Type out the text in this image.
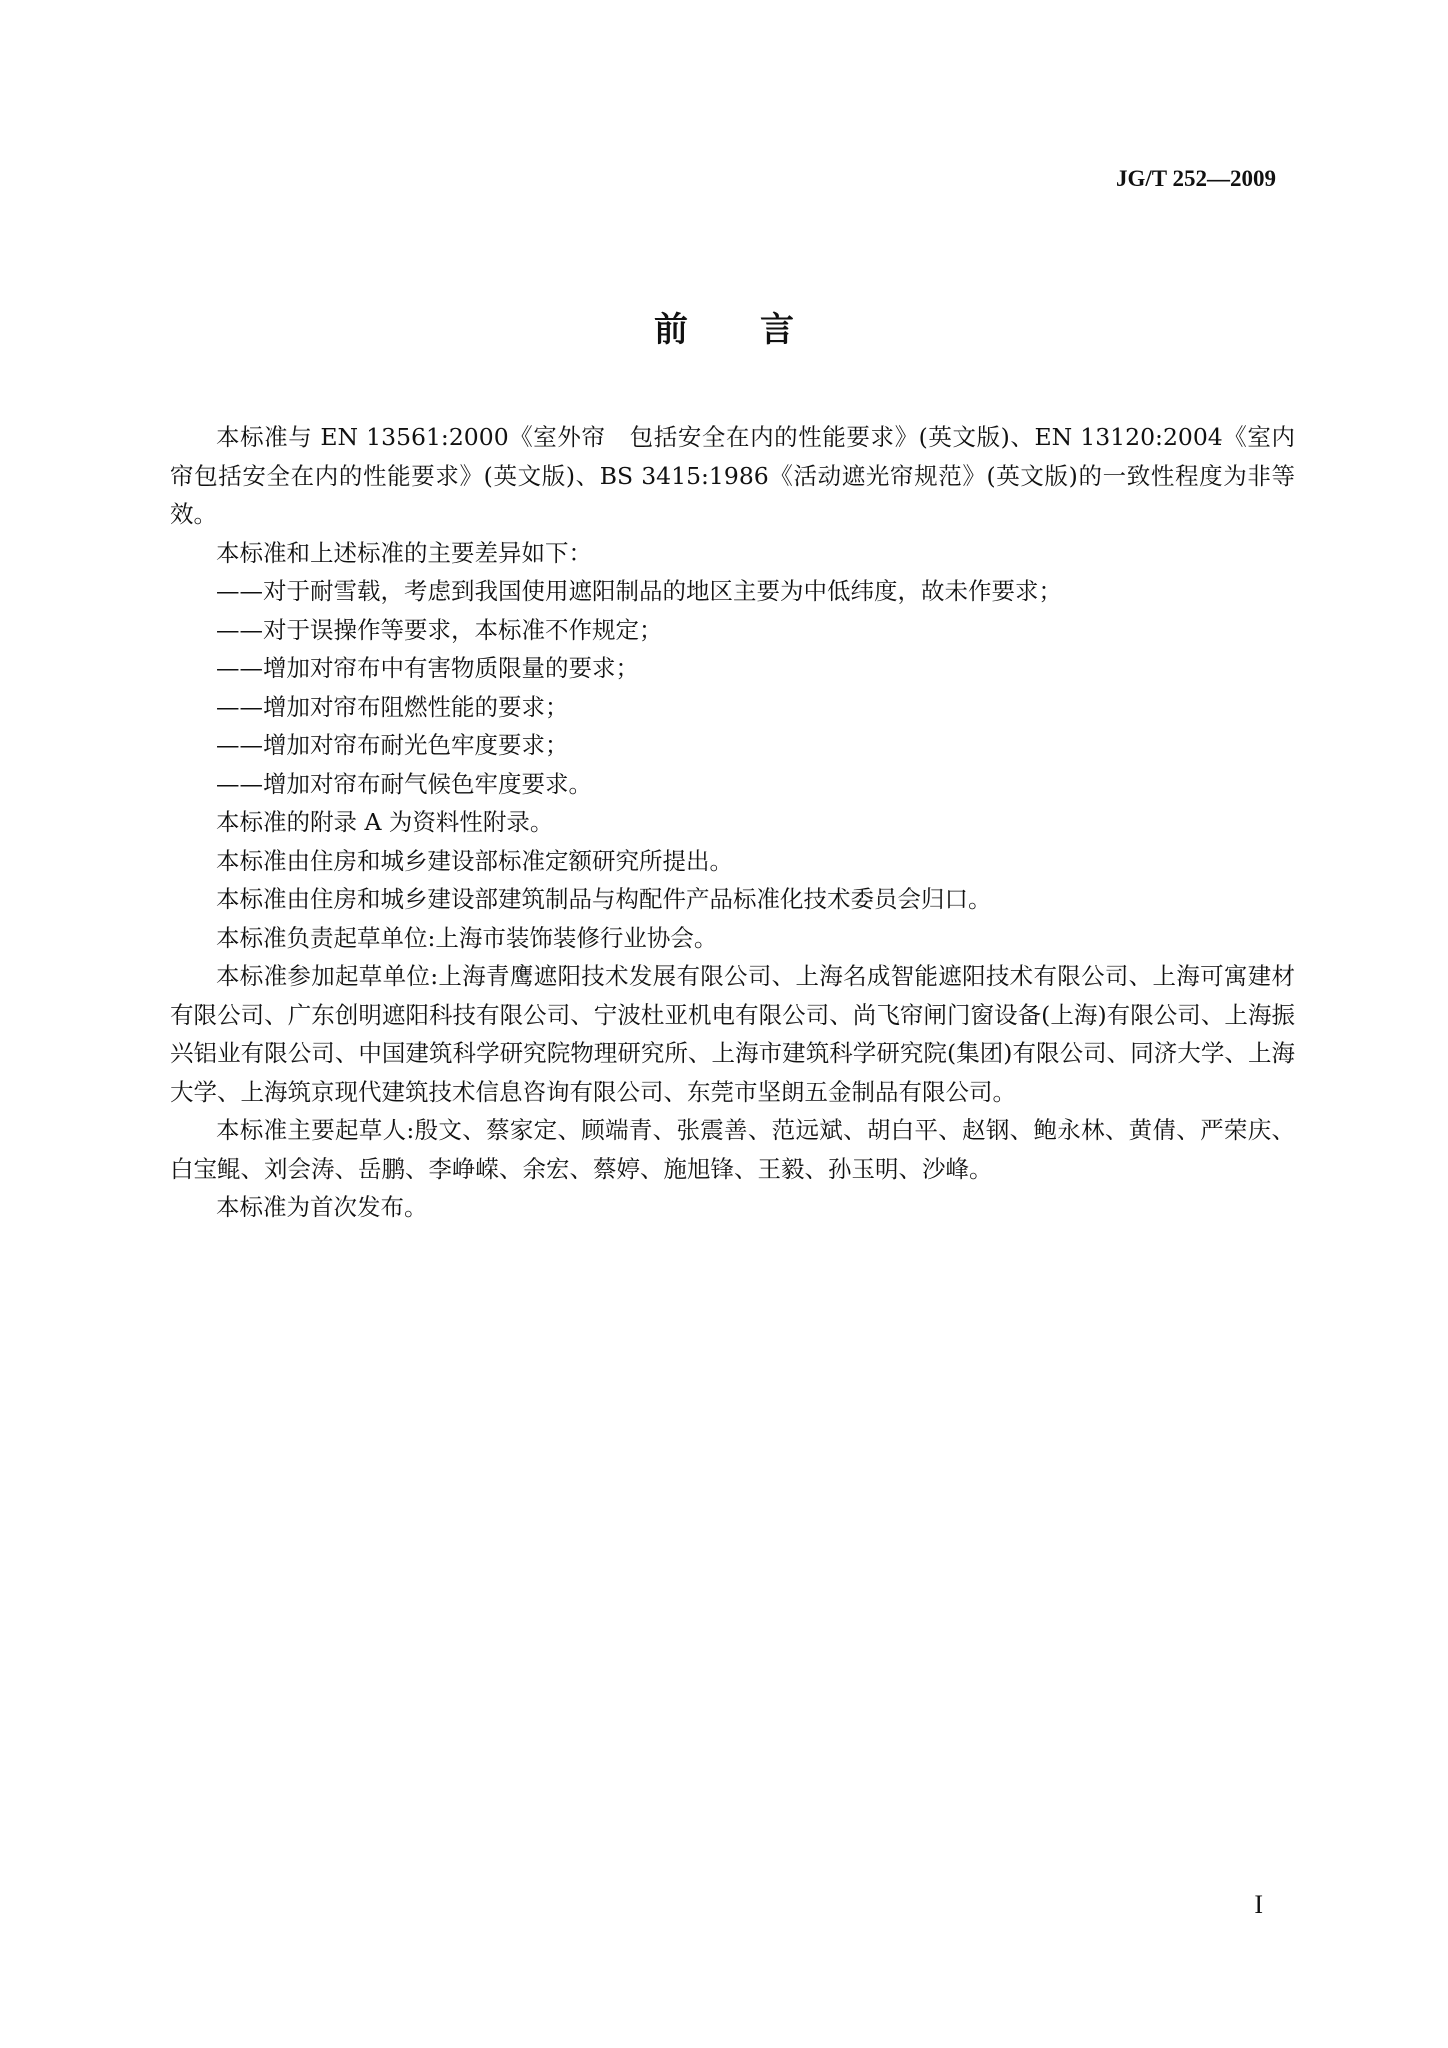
JG/T 252—2009
前 言

本标准与 EN 13561:2000《室外帘　包括安全在内的性能要求》(英文版)、EN 13120:2004《室内帘包括安全在内的性能要求》(英文版)、BS 3415:1986《活动遮光帘规范》(英文版)的一致性程度为非等效。

本标准和上述标准的主要差异如下：

——对于耐雪载，考虑到我国使用遮阳制品的地区主要为中低纬度，故未作要求；

——对于误操作等要求，本标准不作规定；

——增加对帘布中有害物质限量的要求；

——增加对帘布阻燃性能的要求；

——增加对帘布耐光色牢度要求；

——增加对帘布耐气候色牢度要求。

本标准的附录 A 为资料性附录。

本标准由住房和城乡建设部标准定额研究所提出。

本标准由住房和城乡建设部建筑制品与构配件产品标准化技术委员会归口。

本标准负责起草单位:上海市装饰装修行业协会。

本标准参加起草单位:上海青鹰遮阳技术发展有限公司、上海名成智能遮阳技术有限公司、上海可寓建材有限公司、广东创明遮阳科技有限公司、宁波杜亚机电有限公司、尚飞帘闸门窗设备(上海)有限公司、上海振兴铝业有限公司、中国建筑科学研究院物理研究所、上海市建筑科学研究院(集团)有限公司、同济大学、上海大学、上海筑京现代建筑技术信息咨询有限公司、东莞市坚朗五金制品有限公司。

本标准主要起草人:殷文、蔡家定、顾端青、张震善、范远斌、胡白平、赵钢、鲍永林、黄倩、严荣庆、白宝鲲、刘会涛、岳鹏、李峥嵘、余宏、蔡婷、施旭锋、王毅、孙玉明、沙峰。

本标准为首次发布。

I
